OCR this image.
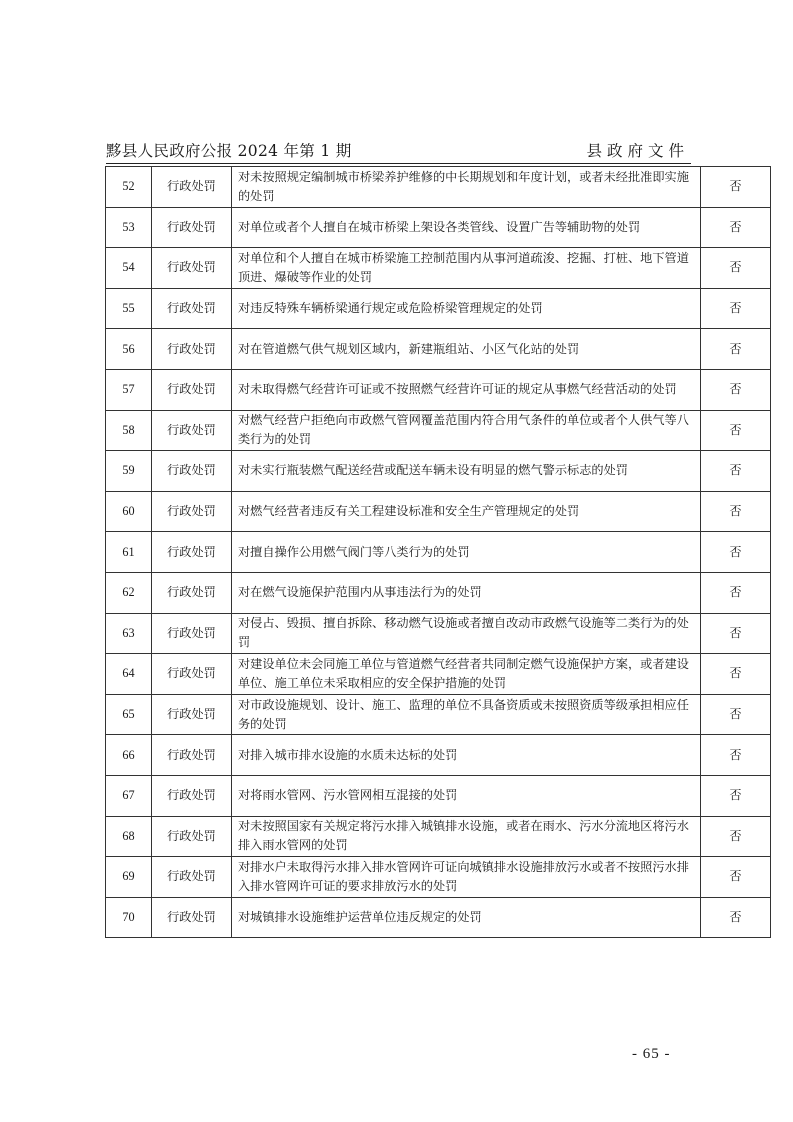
黟县人民政府公报 2024 年第 1 期	县政府文件
52	行政处罚	对未按照规定编制城市桥梁养护维修的中长期规划和年度计划，或者未经批准即实施的处罚	否
53	行政处罚	对单位或者个人擅自在城市桥梁上架设各类管线、设置广告等辅助物的处罚	否
54	行政处罚	对单位和个人擅自在城市桥梁施工控制范围内从事河道疏浚、挖掘、打桩、地下管道顶进、爆破等作业的处罚	否
55	行政处罚	对违反特殊车辆桥梁通行规定或危险桥梁管理规定的处罚	否
56	行政处罚	对在管道燃气供气规划区域内，新建瓶组站、小区气化站的处罚	否
57	行政处罚	对未取得燃气经营许可证或不按照燃气经营许可证的规定从事燃气经营活动的处罚	否
58	行政处罚	对燃气经营户拒绝向市政燃气管网覆盖范围内符合用气条件的单位或者个人供气等八类行为的处罚	否
59	行政处罚	对未实行瓶装燃气配送经营或配送车辆未设有明显的燃气警示标志的处罚	否
60	行政处罚	对燃气经营者违反有关工程建设标准和安全生产管理规定的处罚	否
61	行政处罚	对擅自操作公用燃气阀门等八类行为的处罚	否
62	行政处罚	对在燃气设施保护范围内从事违法行为的处罚	否
63	行政处罚	对侵占、毁损、擅自拆除、移动燃气设施或者擅自改动市政燃气设施等二类行为的处罚	否
64	行政处罚	对建设单位未会同施工单位与管道燃气经营者共同制定燃气设施保护方案，或者建设单位、施工单位未采取相应的安全保护措施的处罚	否
65	行政处罚	对市政设施规划、设计、施工、监理的单位不具备资质或未按照资质等级承担相应任务的处罚	否
66	行政处罚	对排入城市排水设施的水质未达标的处罚	否
67	行政处罚	对将雨水管网、污水管网相互混接的处罚	否
68	行政处罚	对未按照国家有关规定将污水排入城镇排水设施，或者在雨水、污水分流地区将污水排入雨水管网的处罚	否
69	行政处罚	对排水户未取得污水排入排水管网许可证向城镇排水设施排放污水或者不按照污水排入排水管网许可证的要求排放污水的处罚	否
70	行政处罚	对城镇排水设施维护运营单位违反规定的处罚	否
- 65 -
